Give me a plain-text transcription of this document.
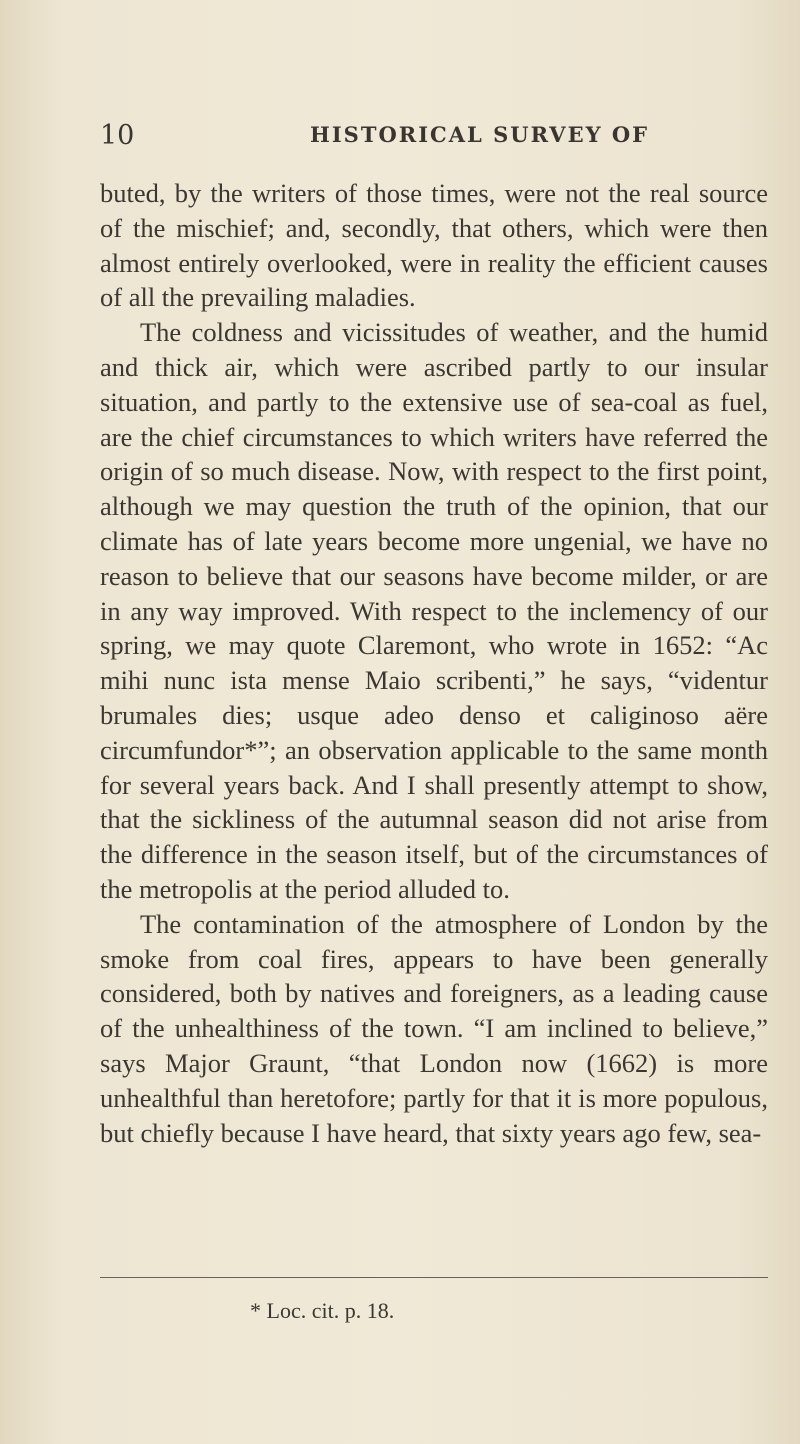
10	HISTORICAL SURVEY OF

buted, by the writers of those times, were not the real source of the mischief; and, secondly, that others, which were then almost entirely overlooked, were in reality the efficient causes of all the prevailing maladies.

The coldness and vicissitudes of weather, and the humid and thick air, which were ascribed partly to our insular situation, and partly to the extensive use of sea-coal as fuel, are the chief circumstances to which writers have referred the origin of so much disease. Now, with respect to the first point, although we may question the truth of the opinion, that our climate has of late years become more ungenial, we have no reason to believe that our seasons have become milder, or are in any way improved. With respect to the inclemency of our spring, we may quote Claremont, who wrote in 1652: “Ac mihi nunc ista mense Maio scribenti,” he says, “videntur brumales dies; usque adeo denso et caliginoso aëre circumfundor*”; an observation applicable to the same month for several years back. And I shall presently attempt to show, that the sickliness of the autumnal season did not arise from the difference in the season itself, but of the circumstances of the metropolis at the period alluded to.

The contamination of the atmosphere of London by the smoke from coal fires, appears to have been generally considered, both by natives and foreigners, as a leading cause of the unhealthiness of the town. “I am inclined to believe,” says Major Graunt, “that London now (1662) is more unhealthful than heretofore; partly for that it is more populous, but chiefly because I have heard, that sixty years ago few, sea-

* Loc. cit. p. 18.
